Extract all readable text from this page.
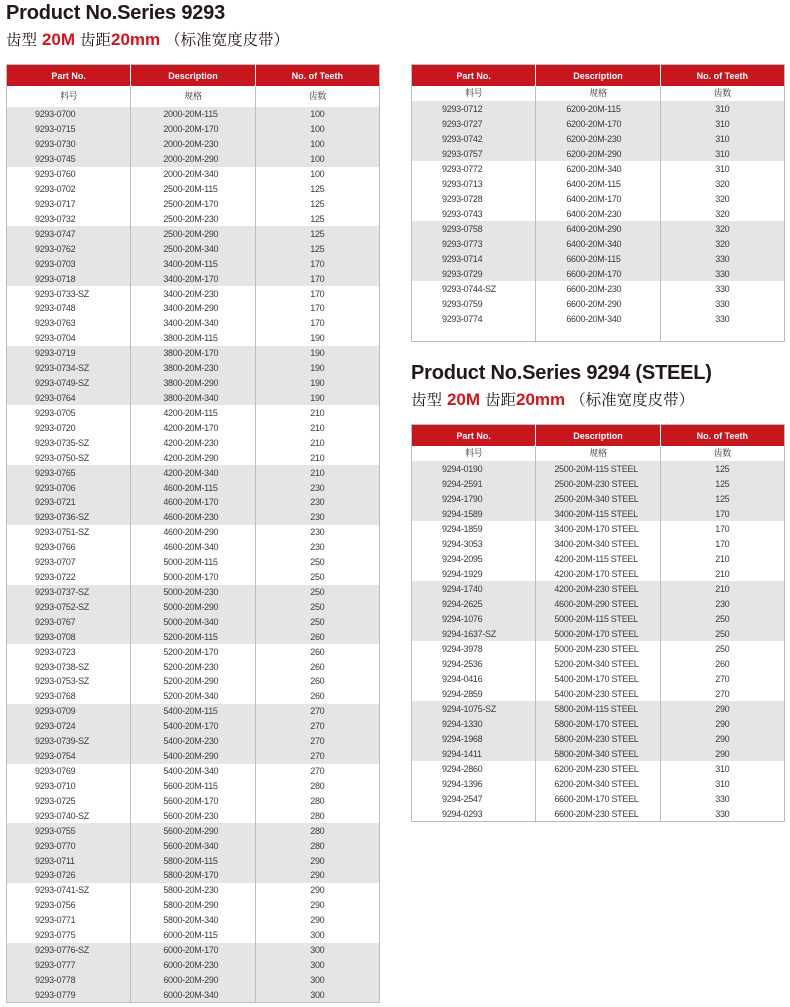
Product No.Series 9293
齿型 20M 齿距20mm （标准宽度皮带）
Part No.	Description	No. of Teeth
料号	规格	齿数
9293-0700	2000-20M-115	100
9293-0715	2000-20M-170	100
9293-0730	2000-20M-230	100
9293-0745	2000-20M-290	100
9293-0760	2000-20M-340	100
9293-0702	2500-20M-115	125
9293-0717	2500-20M-170	125
9293-0732	2500-20M-230	125
9293-0747	2500-20M-290	125
9293-0762	2500-20M-340	125
9293-0703	3400-20M-115	170
9293-0718	3400-20M-170	170
9293-0733-SZ	3400-20M-230	170
9293-0748	3400-20M-290	170
9293-0763	3400-20M-340	170
9293-0704	3800-20M-115	190
9293-0719	3800-20M-170	190
9293-0734-SZ	3800-20M-230	190
9293-0749-SZ	3800-20M-290	190
9293-0764	3800-20M-340	190
9293-0705	4200-20M-115	210
9293-0720	4200-20M-170	210
9293-0735-SZ	4200-20M-230	210
9293-0750-SZ	4200-20M-290	210
9293-0765	4200-20M-340	210
9293-0706	4600-20M-115	230
9293-0721	4600-20M-170	230
9293-0736-SZ	4600-20M-230	230
9293-0751-SZ	4600-20M-290	230
9293-0766	4600-20M-340	230
9293-0707	5000-20M-115	250
9293-0722	5000-20M-170	250
9293-0737-SZ	5000-20M-230	250
9293-0752-SZ	5000-20M-290	250
9293-0767	5000-20M-340	250
9293-0708	5200-20M-115	260
9293-0723	5200-20M-170	260
9293-0738-SZ	5200-20M-230	260
9293-0753-SZ	5200-20M-290	260
9293-0768	5200-20M-340	260
9293-0709	5400-20M-115	270
9293-0724	5400-20M-170	270
9293-0739-SZ	5400-20M-230	270
9293-0754	5400-20M-290	270
9293-0769	5400-20M-340	270
9293-0710	5600-20M-115	280
9293-0725	5600-20M-170	280
9293-0740-SZ	5600-20M-230	280
9293-0755	5600-20M-290	280
9293-0770	5600-20M-340	280
9293-0711	5800-20M-115	290
9293-0726	5800-20M-170	290
9293-0741-SZ	5800-20M-230	290
9293-0756	5800-20M-290	290
9293-0771	5800-20M-340	290
9293-0775	6000-20M-115	300
9293-0776-SZ	6000-20M-170	300
9293-0777	6000-20M-230	300
9293-0778	6000-20M-290	300
9293-0779	6000-20M-340	300
Part No.	Description	No. of Teeth
料号	规格	齿数
9293-0712	6200-20M-115	310
9293-0727	6200-20M-170	310
9293-0742	6200-20M-230	310
9293-0757	6200-20M-290	310
9293-0772	6200-20M-340	310
9293-0713	6400-20M-115	320
9293-0728	6400-20M-170	320
9293-0743	6400-20M-230	320
9293-0758	6400-20M-290	320
9293-0773	6400-20M-340	320
9293-0714	6600-20M-115	330
9293-0729	6600-20M-170	330
9293-0744-SZ	6600-20M-230	330
9293-0759	6600-20M-290	330
9293-0774	6600-20M-340	330

Product No.Series 9294 (STEEL)
齿型 20M 齿距20mm （标准宽度皮带）
Part No.	Description	No. of Teeth
料号	规格	齿数
9294-0190	2500-20M-115 STEEL	125
9294-2591	2500-20M-230 STEEL	125
9294-1790	2500-20M-340 STEEL	125
9294-1589	3400-20M-115 STEEL	170
9294-1859	3400-20M-170 STEEL	170
9294-3053	3400-20M-340 STEEL	170
9294-2095	4200-20M-115 STEEL	210
9294-1929	4200-20M-170 STEEL	210
9294-1740	4200-20M-230 STEEL	210
9294-2625	4600-20M-290 STEEL	230
9294-1076	5000-20M-115 STEEL	250
9294-1637-SZ	5000-20M-170 STEEL	250
9294-3978	5000-20M-230 STEEL	250
9294-2536	5200-20M-340 STEEL	260
9294-0416	5400-20M-170 STEEL	270
9294-2859	5400-20M-230 STEEL	270
9294-1075-SZ	5800-20M-115 STEEL	290
9294-1330	5800-20M-170 STEEL	290
9294-1968	5800-20M-230 STEEL	290
9294-1411	5800-20M-340 STEEL	290
9294-2860	6200-20M-230 STEEL	310
9294-1396	6200-20M-340 STEEL	310
9294-2547	6600-20M-170 STEEL	330
9294-0293	6600-20M-230 STEEL	330
